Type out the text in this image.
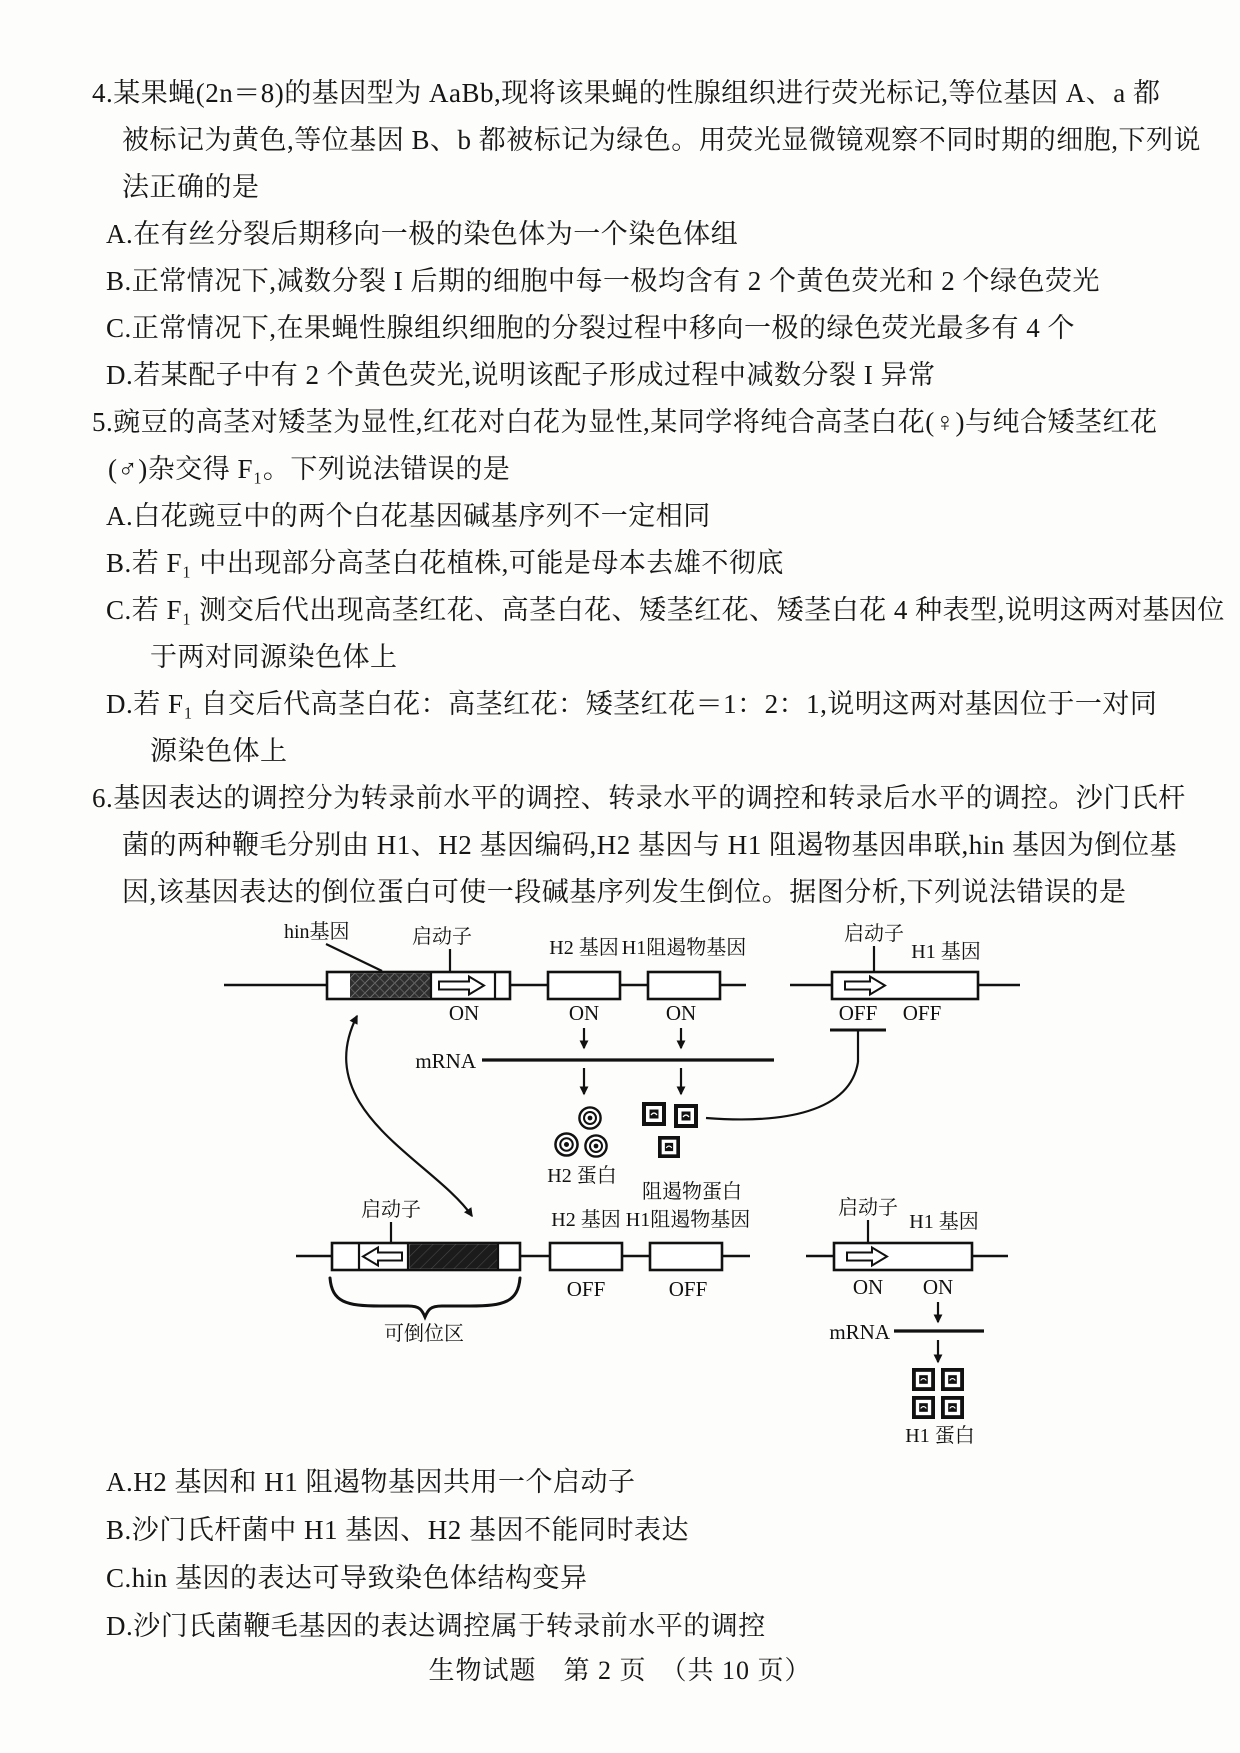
4.某果蝇(2n＝8)的基因型为 AaBb,现将该果蝇的性腺组织进行荧光标记,等位基因 A、a 都
被标记为黄色,等位基因 B、b 都被标记为绿色。用荧光显微镜观察不同时期的细胞,下列说
法正确的是
A.在有丝分裂后期移向一极的染色体为一个染色体组
B.正常情况下,减数分裂 I 后期的细胞中每一极均含有 2 个黄色荧光和 2 个绿色荧光
C.正常情况下,在果蝇性腺组织细胞的分裂过程中移向一极的绿色荧光最多有 4 个
D.若某配子中有 2 个黄色荧光,说明该配子形成过程中减数分裂 I 异常
5.豌豆的高茎对矮茎为显性,红花对白花为显性,某同学将纯合高茎白花(♀)与纯合矮茎红花
(♂)杂交得 F₁。下列说法错误的是
A.白花豌豆中的两个白花基因碱基序列不一定相同
B.若 F₁ 中出现部分高茎白花植株,可能是母本去雄不彻底
C.若 F₁ 测交后代出现高茎红花、高茎白花、矮茎红花、矮茎白花 4 种表型,说明这两对基因位
于两对同源染色体上
D.若 F₁ 自交后代高茎白花：高茎红花：矮茎红花＝1：2：1,说明这两对基因位于一对同
源染色体上
6.基因表达的调控分为转录前水平的调控、转录水平的调控和转录后水平的调控。沙门氏杆
菌的两种鞭毛分别由 H1、H2 基因编码,H2 基因与 H1 阻遏物基因串联,hin 基因为倒位基
因,该基因表达的倒位蛋白可使一段碱基序列发生倒位。据图分析,下列说法错误的是
hin基因	启动子	H2 基因 H1阻遏物基因
ON	ON	ON
mRNA
H2 蛋白
阻遏物蛋白
启动子
H1 基因
OFF OFF
启动子	H2 基因 H1阻遏物基因
OFF	OFF
可倒位区
启动子
H1 基因
ON ON
mRNA
H1 蛋白
A.H2 基因和 H1 阻遏物基因共用一个启动子
B.沙门氏杆菌中 H1 基因、H2 基因不能同时表达
C.hin 基因的表达可导致染色体结构变异
D.沙门氏菌鞭毛基因的表达调控属于转录前水平的调控
生物试题　第 2 页　（共 10 页）
